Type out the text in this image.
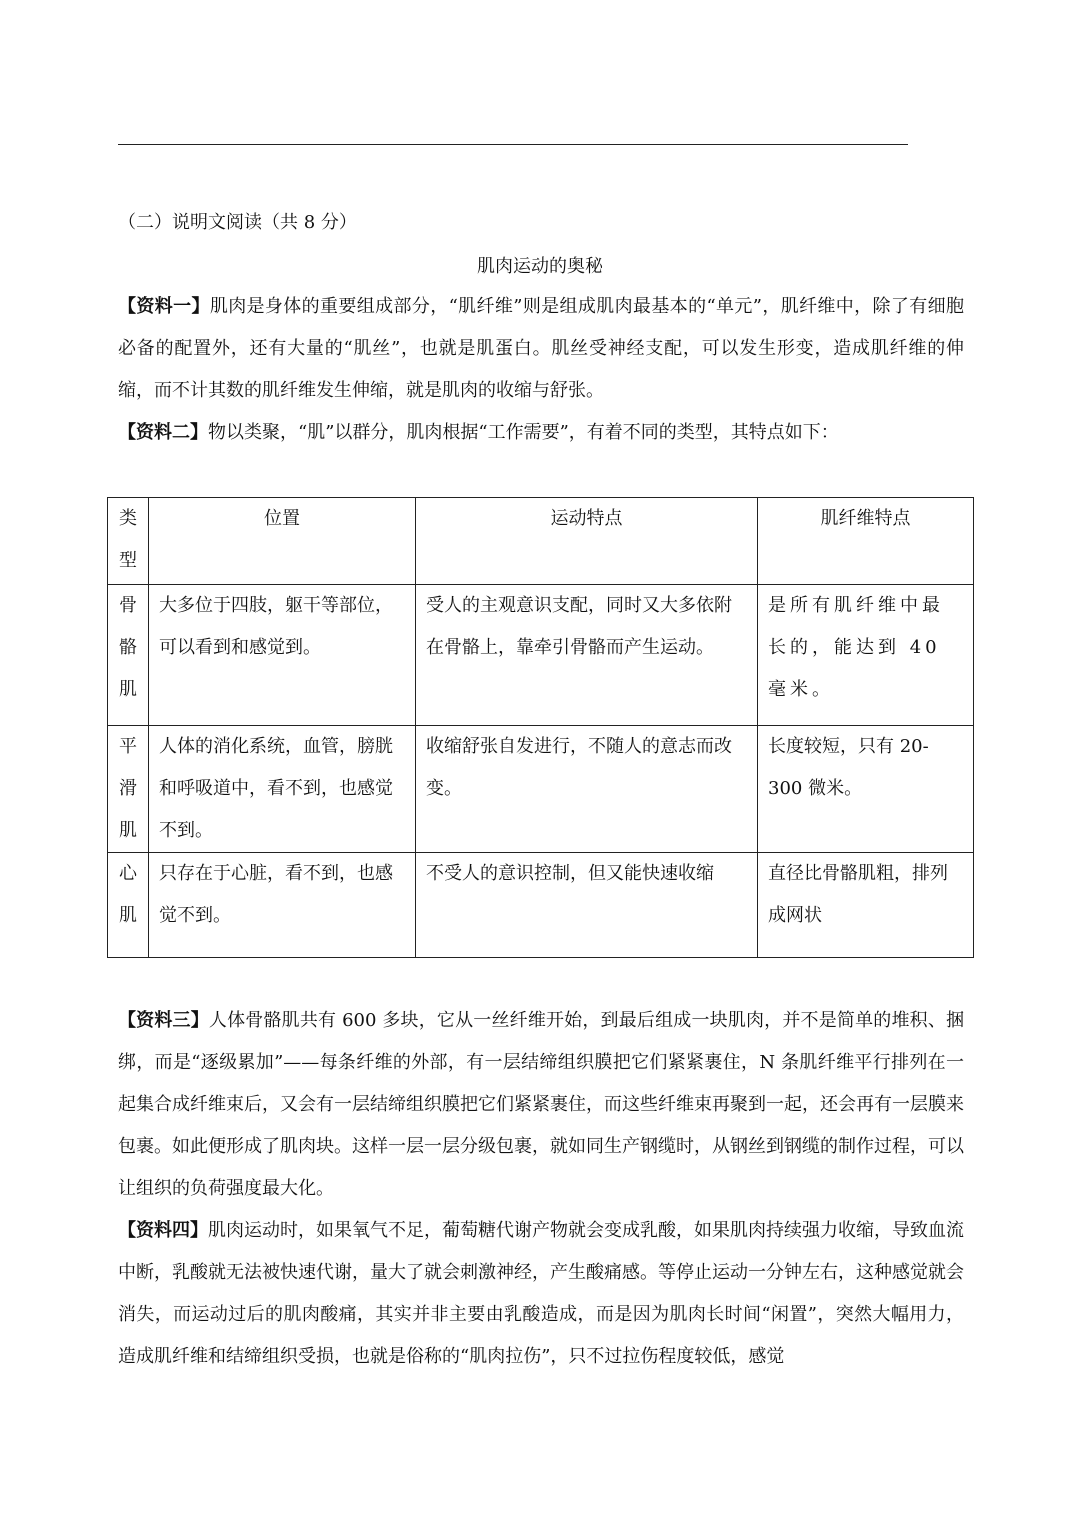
（二）说明文阅读（共 8 分）
肌肉运动的奥秘
【资料一】肌肉是身体的重要组成部分，“肌纤维”则是组成肌肉最基本的“单元”，肌纤维中，除了有细胞必备的配置外，还有大量的“肌丝”，也就是肌蛋白。肌丝受神经支配，可以发生形变，造成肌纤维的伸缩，而不计其数的肌纤维发生伸缩，就是肌肉的收缩与舒张。
【资料二】物以类聚，“肌”以群分，肌肉根据“工作需要”，有着不同的类型，其特点如下：
类型	位置	运动特点	肌纤维特点
骨骼肌	大多位于四肢，躯干等部位，可以看到和感觉到。	受人的主观意识支配，同时又大多依附在骨骼上，靠牵引骨骼而产生运动。	是所有肌纤维中最长的，能达到 40 毫米。
平滑肌	人体的消化系统，血管，膀胱和呼吸道中，看不到，也感觉不到。	收缩舒张自发进行，不随人的意志而改变。	长度较短，只有 20-300 微米。
心肌	只存在于心脏，看不到，也感觉不到。	不受人的意识控制，但又能快速收缩	直径比骨骼肌粗，排列成网状
【资料三】人体骨骼肌共有 600 多块，它从一丝纤维开始，到最后组成一块肌肉，并不是简单的堆积、捆绑，而是“逐级累加”——每条纤维的外部，有一层结缔组织膜把它们紧紧裹住，N 条肌纤维平行排列在一起集合成纤维束后，又会有一层结缔组织膜把它们紧紧裹住，而这些纤维束再聚到一起，还会再有一层膜来包裹。如此便形成了肌肉块。这样一层一层分级包裹，就如同生产钢缆时，从钢丝到钢缆的制作过程，可以让组织的负荷强度最大化。
【资料四】肌肉运动时，如果氧气不足，葡萄糖代谢产物就会变成乳酸，如果肌肉持续强力收缩，导致血流中断，乳酸就无法被快速代谢，量大了就会刺激神经，产生酸痛感。等停止运动一分钟左右，这种感觉就会消失，而运动过后的肌肉酸痛，其实并非主要由乳酸造成，而是因为肌肉长时间“闲置”，突然大幅用力，造成肌纤维和结缔组织受损，也就是俗称的“肌肉拉伤”，只不过拉伤程度较低，感觉
